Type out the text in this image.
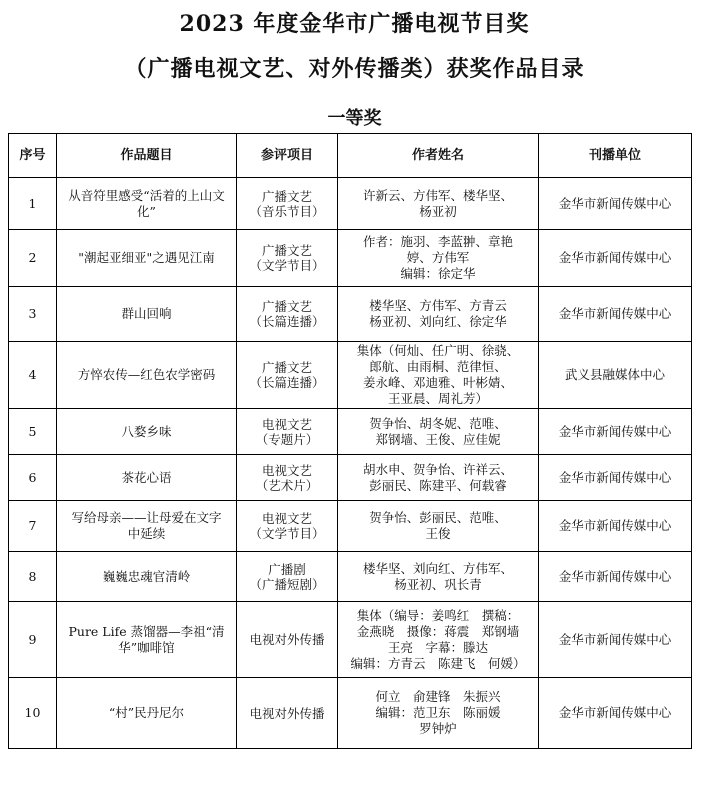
2023 年度金华市广播电视节目奖
（广播电视文艺、对外传播类）获奖作品目录
一等奖
序号	作品题目	参评项目	作者姓名	刊播单位
1	从音符里感受“活着的上山文化”	广播文艺
（音乐节目）	许新云、方伟军、楼华坚、
杨亚初	金华市新闻传媒中心
2	"潮起亚细亚"之遇见江南	广播文艺
（文学节目）	作者：施羽、李蓝翀、章艳
婷、方伟军
编辑：徐定华	金华市新闻传媒中心
3	群山回响	广播文艺
（长篇连播）	楼华坚、方伟军、方青云
杨亚初、刘向红、徐定华	金华市新闻传媒中心
4	方悴农传—红色农学密码	广播文艺
（长篇连播）	集体（何灿、任广明、徐骁、
郎航、由雨桐、范律恒、
姜永峰、邓迪雅、叶彬婧、
王亚晨、周礼芳）	武义县融媒体中心
5	八婺乡味	电视文艺
（专题片）	贺争怡、胡冬妮、范唯、
郑钢墙、王俊、应佳妮	金华市新闻传媒中心
6	茶花心语	电视文艺
（艺术片）	胡水申、贺争怡、许祥云、
彭丽民、陈建平、何载睿	金华市新闻传媒中心
7	写给母亲——让母爱在文字中延续	电视文艺
（文学节目）	贺争怡、彭丽民、范唯、
王俊	金华市新闻传媒中心
8	巍巍忠魂官清岭	广播剧
（广播短剧）	楼华坚、刘向红、方伟军、
杨亚初、巩长青	金华市新闻传媒中心
9	Pure Life 蒸馏器—李祖“清华”咖啡馆	电视对外传播	集体（编导：姜鸣红　撰稿：
金燕晓　摄像：蒋震　郑钢墙
王亮　字幕：滕达
编辑：方青云　陈建飞　何媛）	金华市新闻传媒中心
10	“村”民丹尼尔	电视对外传播	何立　俞建锋　朱振兴
编辑：范卫东　陈丽媛
罗钟炉	金华市新闻传媒中心
